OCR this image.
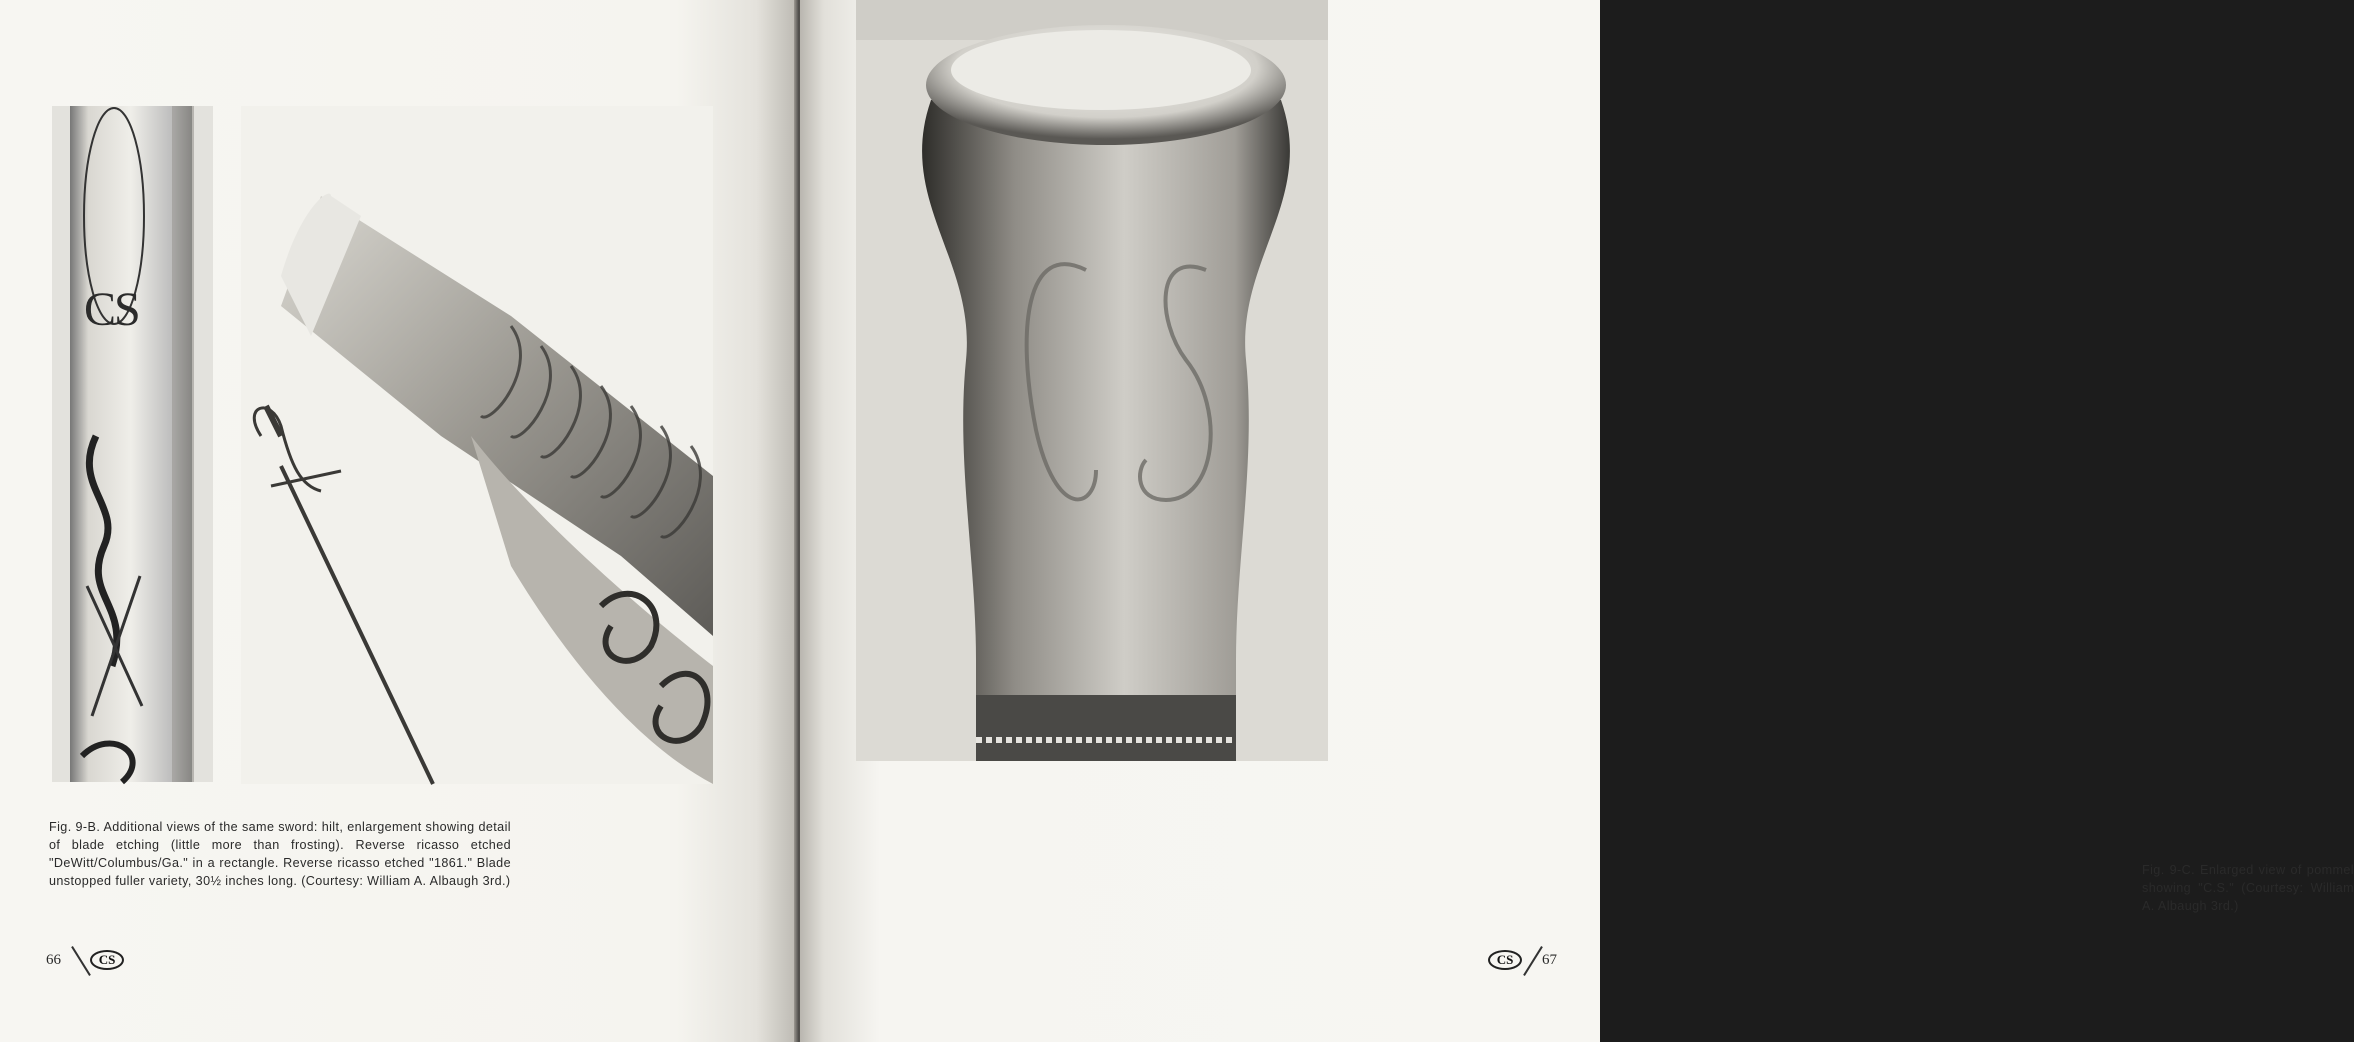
CS

Fig. 9-B. Additional views of the same sword: hilt, enlargement showing detail of blade etching (little more than frosting). Reverse ricasso etched "DeWitt/Columbus/Ga." in a rectangle. Reverse ricasso etched "1861." Blade unstopped fuller variety, 30½ inches long. (Courtesy: William A. Albaugh 3rd.)

66	CS

Fig. 9-C. Enlarged view of pommel showing "C.S." (Courtesy: William A. Albaugh 3rd.)

CS	67
